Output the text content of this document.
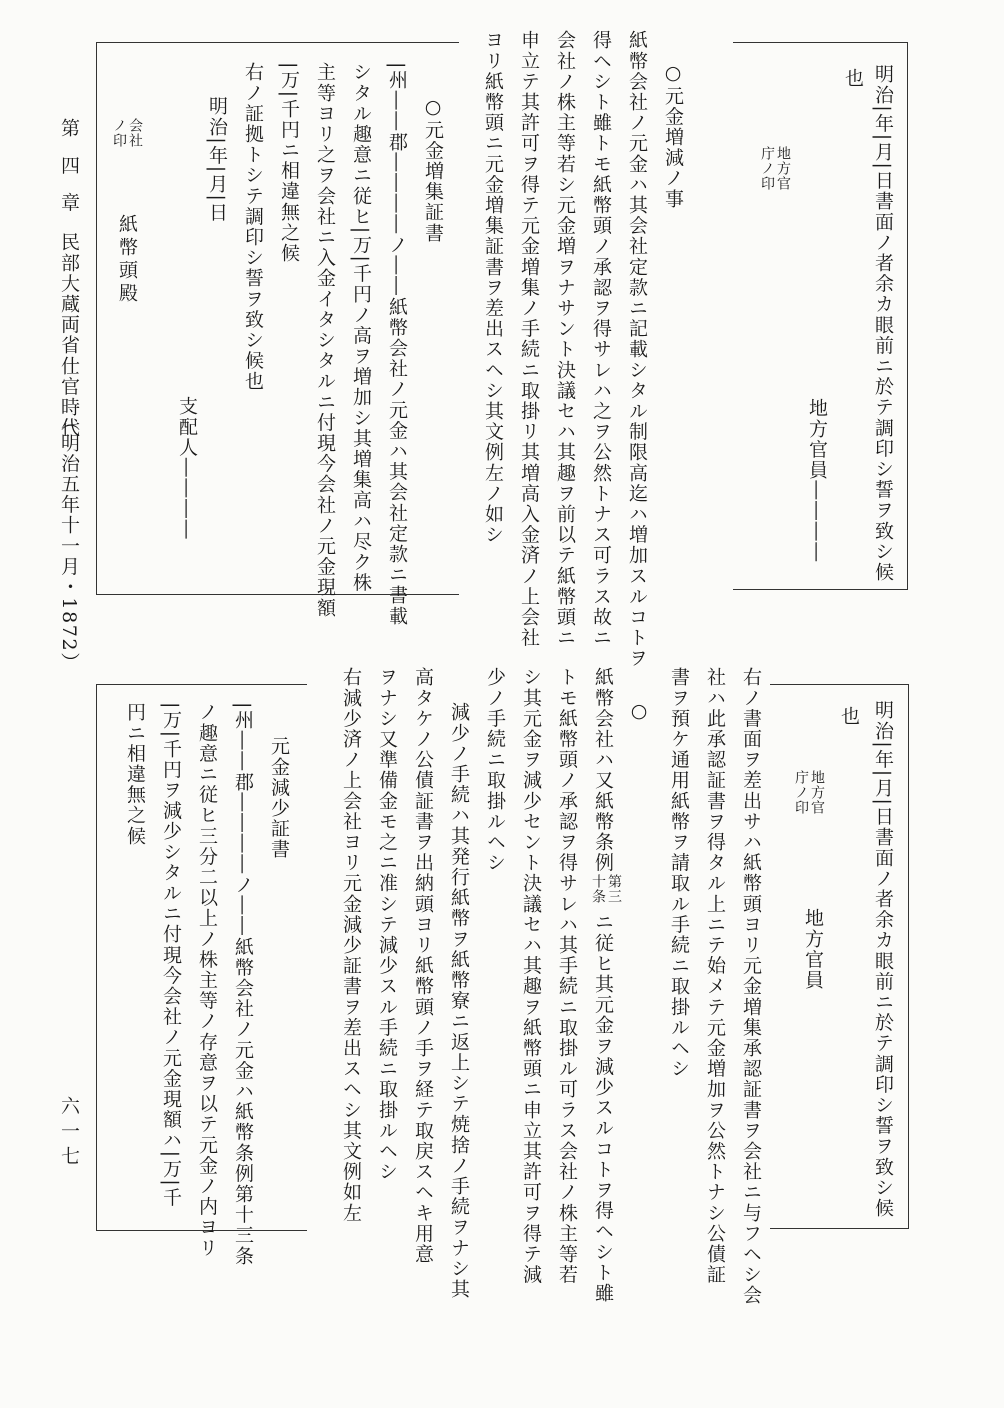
第 四 章
民部大蔵両省仕官時代
（明治五年十一月・1872）
六一七
明治|年|月|日書面ノ者余カ眼前ニ於テ調印シ誓ヲ致シ候
也
地方官
庁ノ印
地方官員――――
○元金増減ノ事
紙幣会社ノ元金ハ其会社定款ニ記載シタル制限高迄ハ増加スルコトヲ
得ヘシト雖トモ紙幣頭ノ承認ヲ得サレハ之ヲ公然トナス可ラス故ニ
会社ノ株主等若シ元金増ヲナサント決議セハ其趣ヲ前以テ紙幣頭ニ
申立テ其許可ヲ得テ元金増集ノ手続ニ取掛リ其増高入金済ノ上会社
ヨリ紙幣頭ニ元金増集証書ヲ差出スヘシ其文例左ノ如シ
○元金増集証書
|州――郡――――ノ――紙幣会社ノ元金ハ其会社定款ニ書載
シタル趣意ニ従ヒ|万|千円ノ高ヲ増加シ其増集高ハ尽ク株
主等ヨリ之ヲ会社ニ入金イタシタルニ付現今会社ノ元金現額
|万|千円ニ相違無之候
右ノ証拠トシテ調印シ誓ヲ致シ候也
明治|年|月|日
支配人――――
会社
ノ印
紙幣頭殿
明治|年|月|日書面ノ者余カ眼前ニ於テ調印シ誓ヲ致シ候
也
地方官
庁ノ印
地方官員
右ノ書面ヲ差出サハ紙幣頭ヨリ元金増集承認証書ヲ会社ニ与フヘシ会
社ハ此承認証書ヲ得タル上ニテ始メテ元金増加ヲ公然トナシ公債証
書ヲ預ケ通用紙幣ヲ請取ル手続ニ取掛ルヘシ
○
紙幣会社ハ又紙幣条例
第三
十条
ニ従ヒ其元金ヲ減少スルコトヲ得ヘシト雖
トモ紙幣頭ノ承認ヲ得サレハ其手続ニ取掛ル可ラス会社ノ株主等若
シ其元金ヲ減少セント決議セハ其趣ヲ紙幣頭ニ申立其許可ヲ得テ減
少ノ手続ニ取掛ルヘシ
減少ノ手続ハ其発行紙幣ヲ紙幣寮ニ返上シテ焼捨ノ手続ヲナシ其
高タケノ公債証書ヲ出納頭ヨリ紙幣頭ノ手ヲ経テ取戻スヘキ用意
ヲナシ又準備金モ之ニ准シテ減少スル手続ニ取掛ルヘシ
右減少済ノ上会社ヨリ元金減少証書ヲ差出スヘシ其文例如左
元金減少証書
|州――郡――――ノ――紙幣会社ノ元金ハ紙幣条例第十三条
ノ趣意ニ従ヒ三分二以上ノ株主等ノ存意ヲ以テ元金ノ内ヨリ
|万|千円ヲ減少シタルニ付現今会社ノ元金現額ハ|万|千
円ニ相違無之候
